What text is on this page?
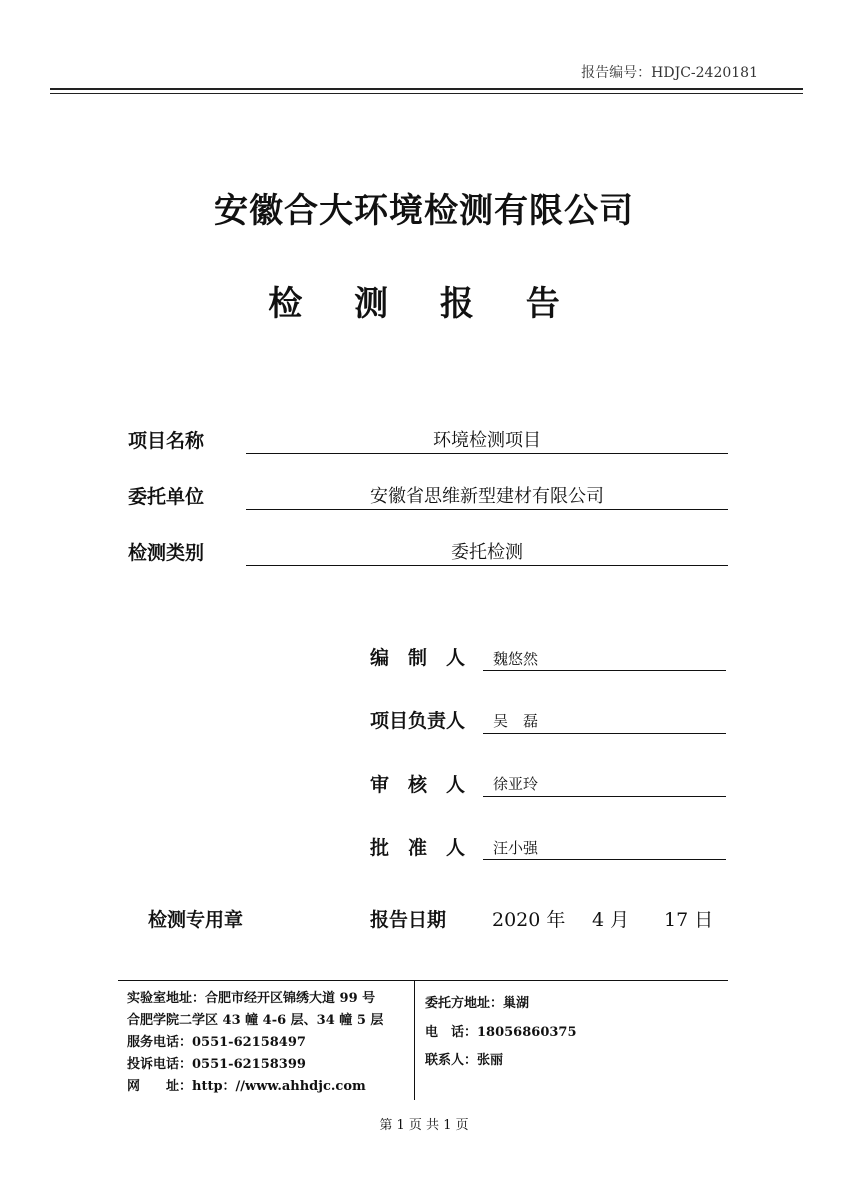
报告编号：HDJC-2420181
安徽合大环境检测有限公司
检 测 报 告
项目名称	环境检测项目
委托单位	安徽省思维新型建材有限公司
检测类别	委托检测
编　制　人 魏悠然
项目负责人 吴　磊
审　核　人 徐亚玲
批　准　人 汪小强
检测专用章	报告日期 2020 年 4 月 17 日
实验室地址：合肥市经开区锦绣大道 99 号
合肥学院二学区 43 幢 4-6 层、34 幢 5 层
服务电话：0551-62158497
投诉电话：0551-62158399
网　　址：http：//www.ahhdjc.com
委托方地址：巢湖
电　话：18056860375
联系人：张丽
第 1 页 共 1 页
